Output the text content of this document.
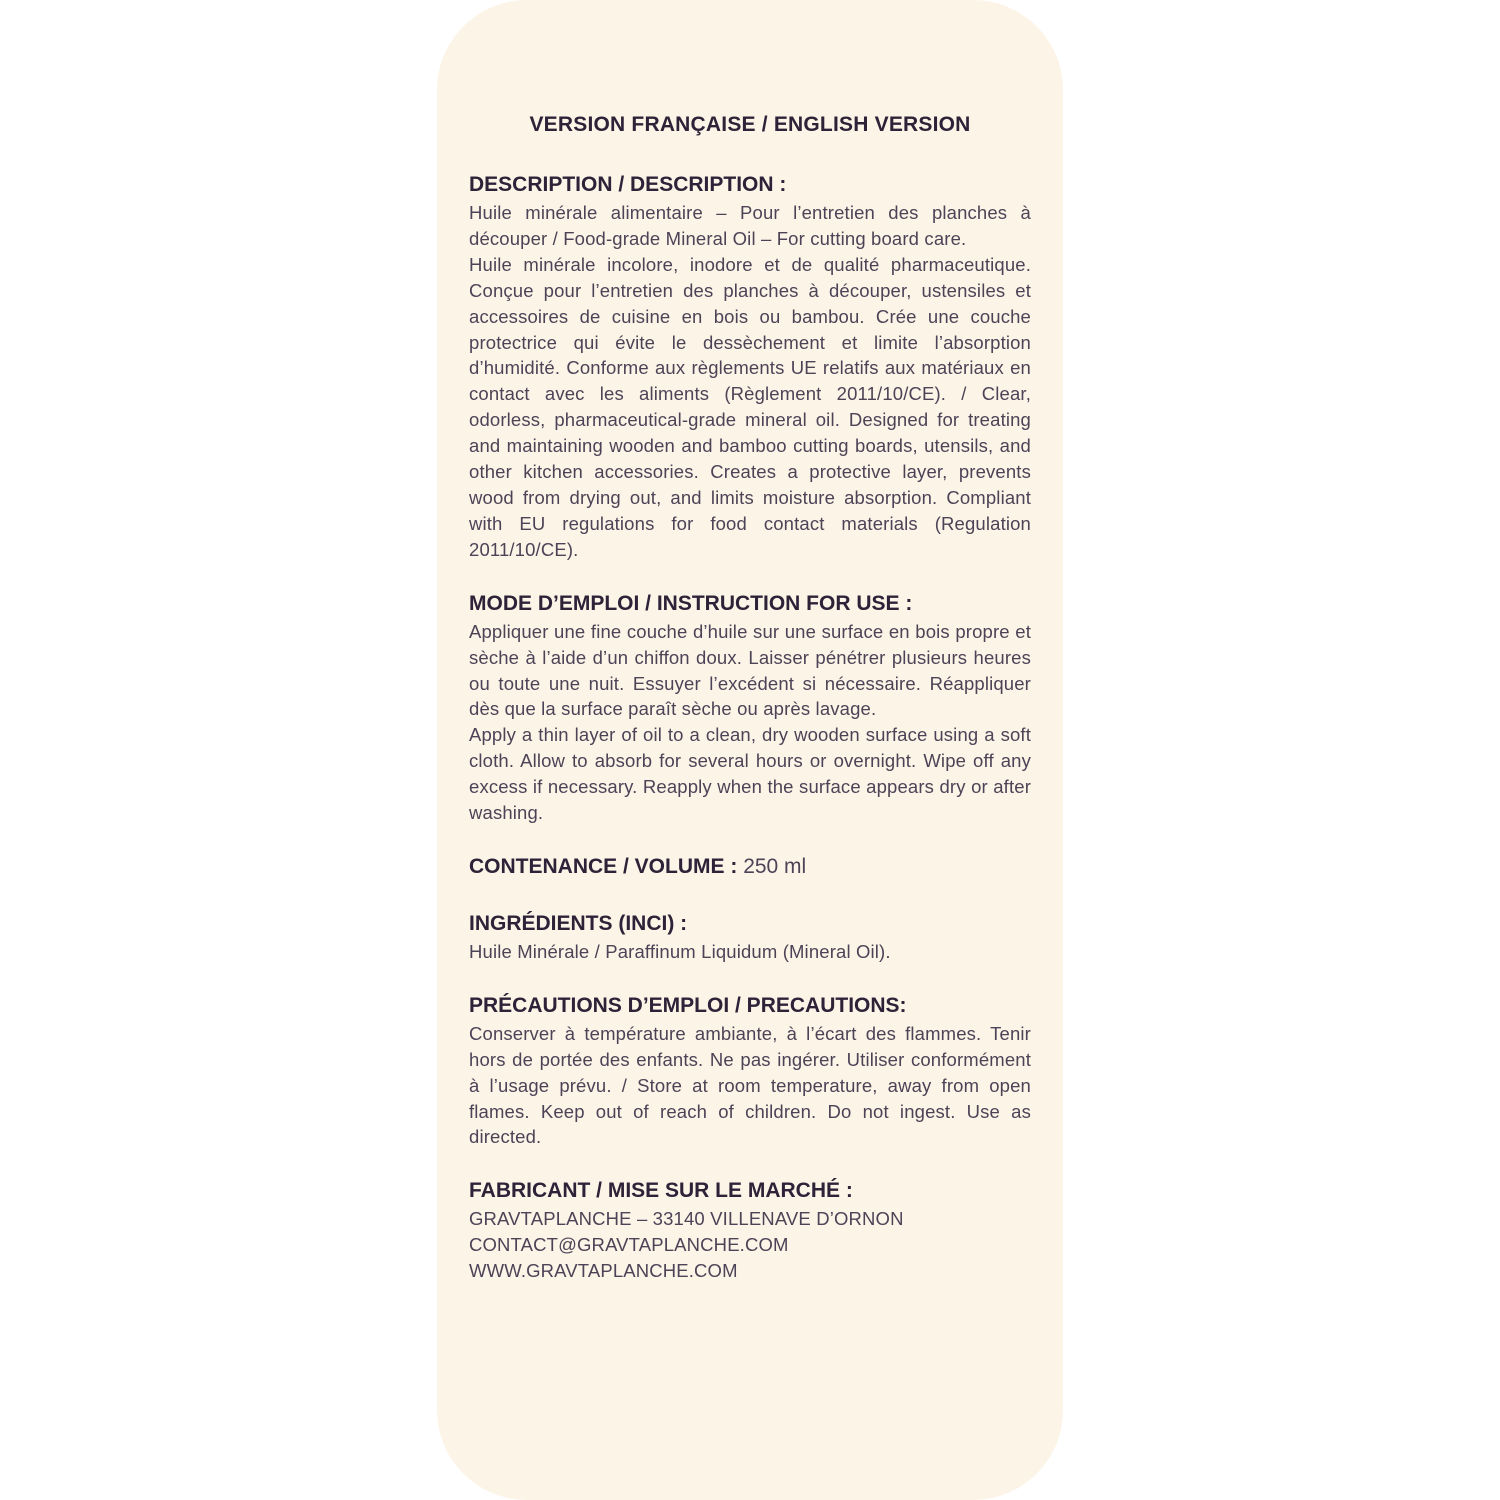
VERSION FRANÇAISE / ENGLISH VERSION
DESCRIPTION / DESCRIPTION :

Huile minérale alimentaire – Pour l’entretien des planches à découper / Food-grade Mineral Oil – For cutting board care.

Huile minérale incolore, inodore et de qualité pharmaceutique. Conçue pour l’entretien des planches à découper, ustensiles et accessoires de cuisine en bois ou bambou. Crée une couche protectrice qui évite le dessèchement et limite l’absorption d’humidité. Conforme aux règlements UE relatifs aux matériaux en contact avec les aliments (Règlement 2011/10/CE). / Clear, odorless, pharmaceutical-grade mineral oil. Designed for treating and maintaining wooden and bamboo cutting boards, utensils, and other kitchen accessories. Creates a protective layer, prevents wood from drying out, and limits moisture absorption. Compliant with EU regulations for food contact materials (Regulation 2011/10/CE).

MODE D’EMPLOI / INSTRUCTION FOR USE :

Appliquer une fine couche d’huile sur une surface en bois propre et sèche à l’aide d’un chiffon doux. Laisser pénétrer plusieurs heures ou toute une nuit. Essuyer l’excédent si nécessaire. Réappliquer dès que la surface paraît sèche ou après lavage.

Apply a thin layer of oil to a clean, dry wooden surface using a soft cloth. Allow to absorb for several hours or overnight. Wipe off any excess if necessary. Reapply when the surface appears dry or after washing.

CONTENANCE / VOLUME : 250 ml
INGRÉDIENTS (INCI) :

Huile Minérale / Paraffinum Liquidum (Mineral Oil).

PRÉCAUTIONS D’EMPLOI / PRECAUTIONS:

Conserver à température ambiante, à l’écart des flammes. Tenir hors de portée des enfants. Ne pas ingérer. Utiliser conformément à l’usage prévu. / Store at room temperature, away from open flames. Keep out of reach of children. Do not ingest. Use as directed.

FABRICANT / MISE SUR LE MARCHÉ :

GRAVTAPLANCHE – 33140 VILLENAVE D’ORNON

CONTACT@GRAVTAPLANCHE.COM

WWW.GRAVTAPLANCHE.COM
